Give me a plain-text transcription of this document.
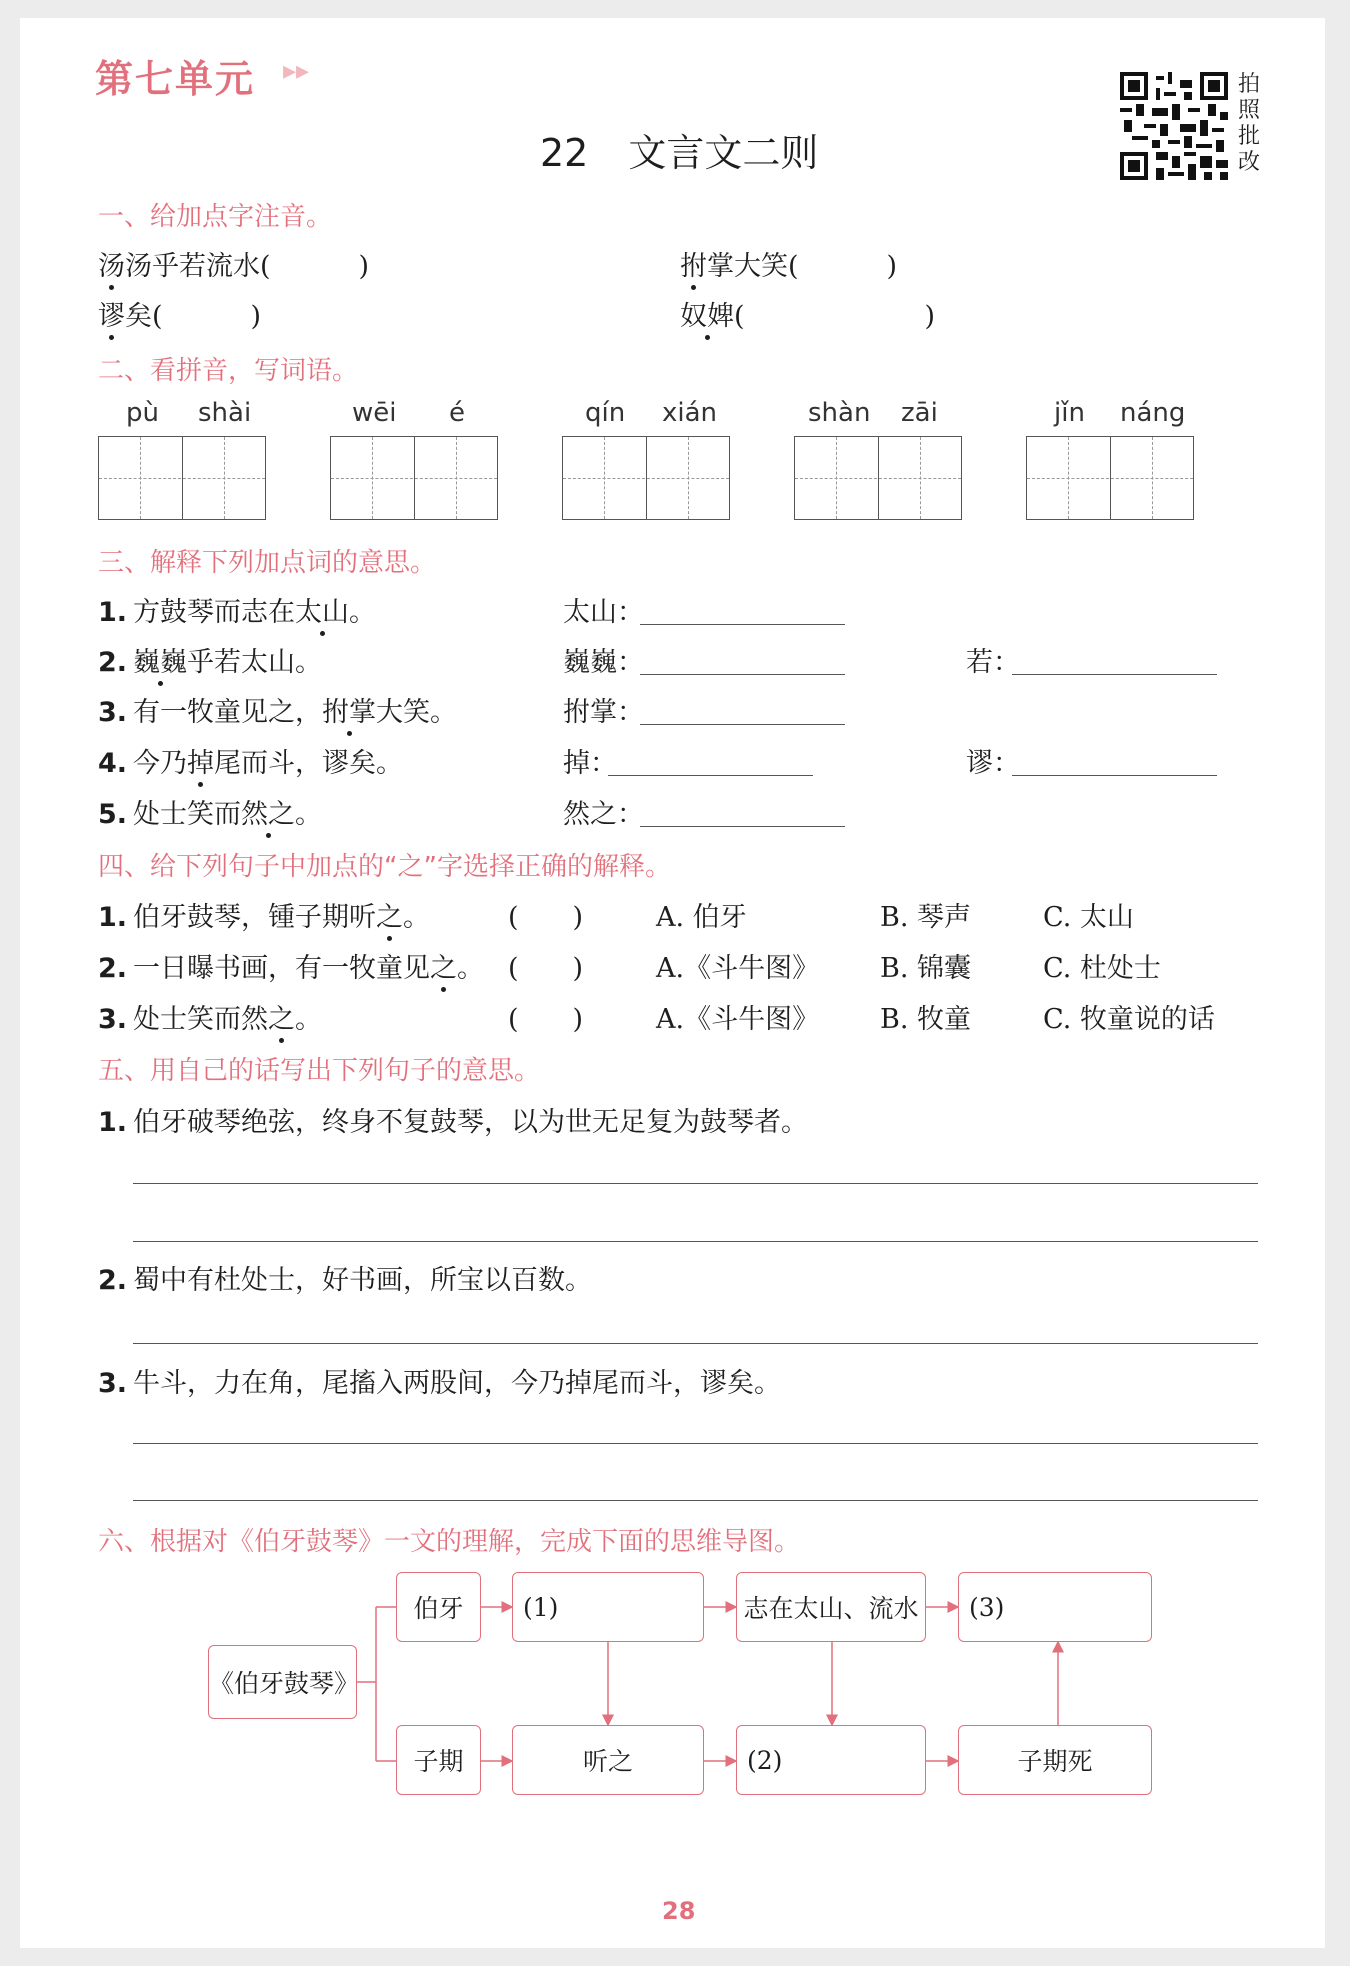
第七单元 ▸▸
22 文言文二则
拍照批改
一、给加点字注音。
汤汤乎若流水(	)	拊掌大笑(	)
谬矣(	)	奴婢(	)
二、看拼音，写词语。
pù shài	wēi é	qín xián	shàn zāi	jǐn náng
三、解释下列加点词的意思。
1. 方鼓琴而志在太山。	太山：
2. 巍巍乎若太山。	巍巍：	若：
3. 有一牧童见之，拊掌大笑。	拊掌：
4. 今乃掉尾而斗，谬矣。	掉：	谬：
5. 处士笑而然之。	然之：
四、给下列句子中加点的“之”字选择正确的解释。
1. 伯牙鼓琴，锺子期听之。	(　　)	A. 伯牙	B. 琴声	C. 太山
2. 一日曝书画，有一牧童见之。 (　　)	A.《斗牛图》 B. 锦囊	C. 杜处士
3. 处士笑而然之。	(　　)	A.《斗牛图》 B. 牧童	C. 牧童说的话
五、用自己的话写出下列句子的意思。
1. 伯牙破琴绝弦，终身不复鼓琴，以为世无足复为鼓琴者。
2. 蜀中有杜处士，好书画，所宝以百数。
3. 牛斗，力在角，尾搐入两股间，今乃掉尾而斗，谬矣。
六、根据对《伯牙鼓琴》一文的理解，完成下面的思维导图。
《伯牙鼓琴》
伯牙	(1)	志在太山、流水	(3)
子期	听之	(2)	子期死
28
